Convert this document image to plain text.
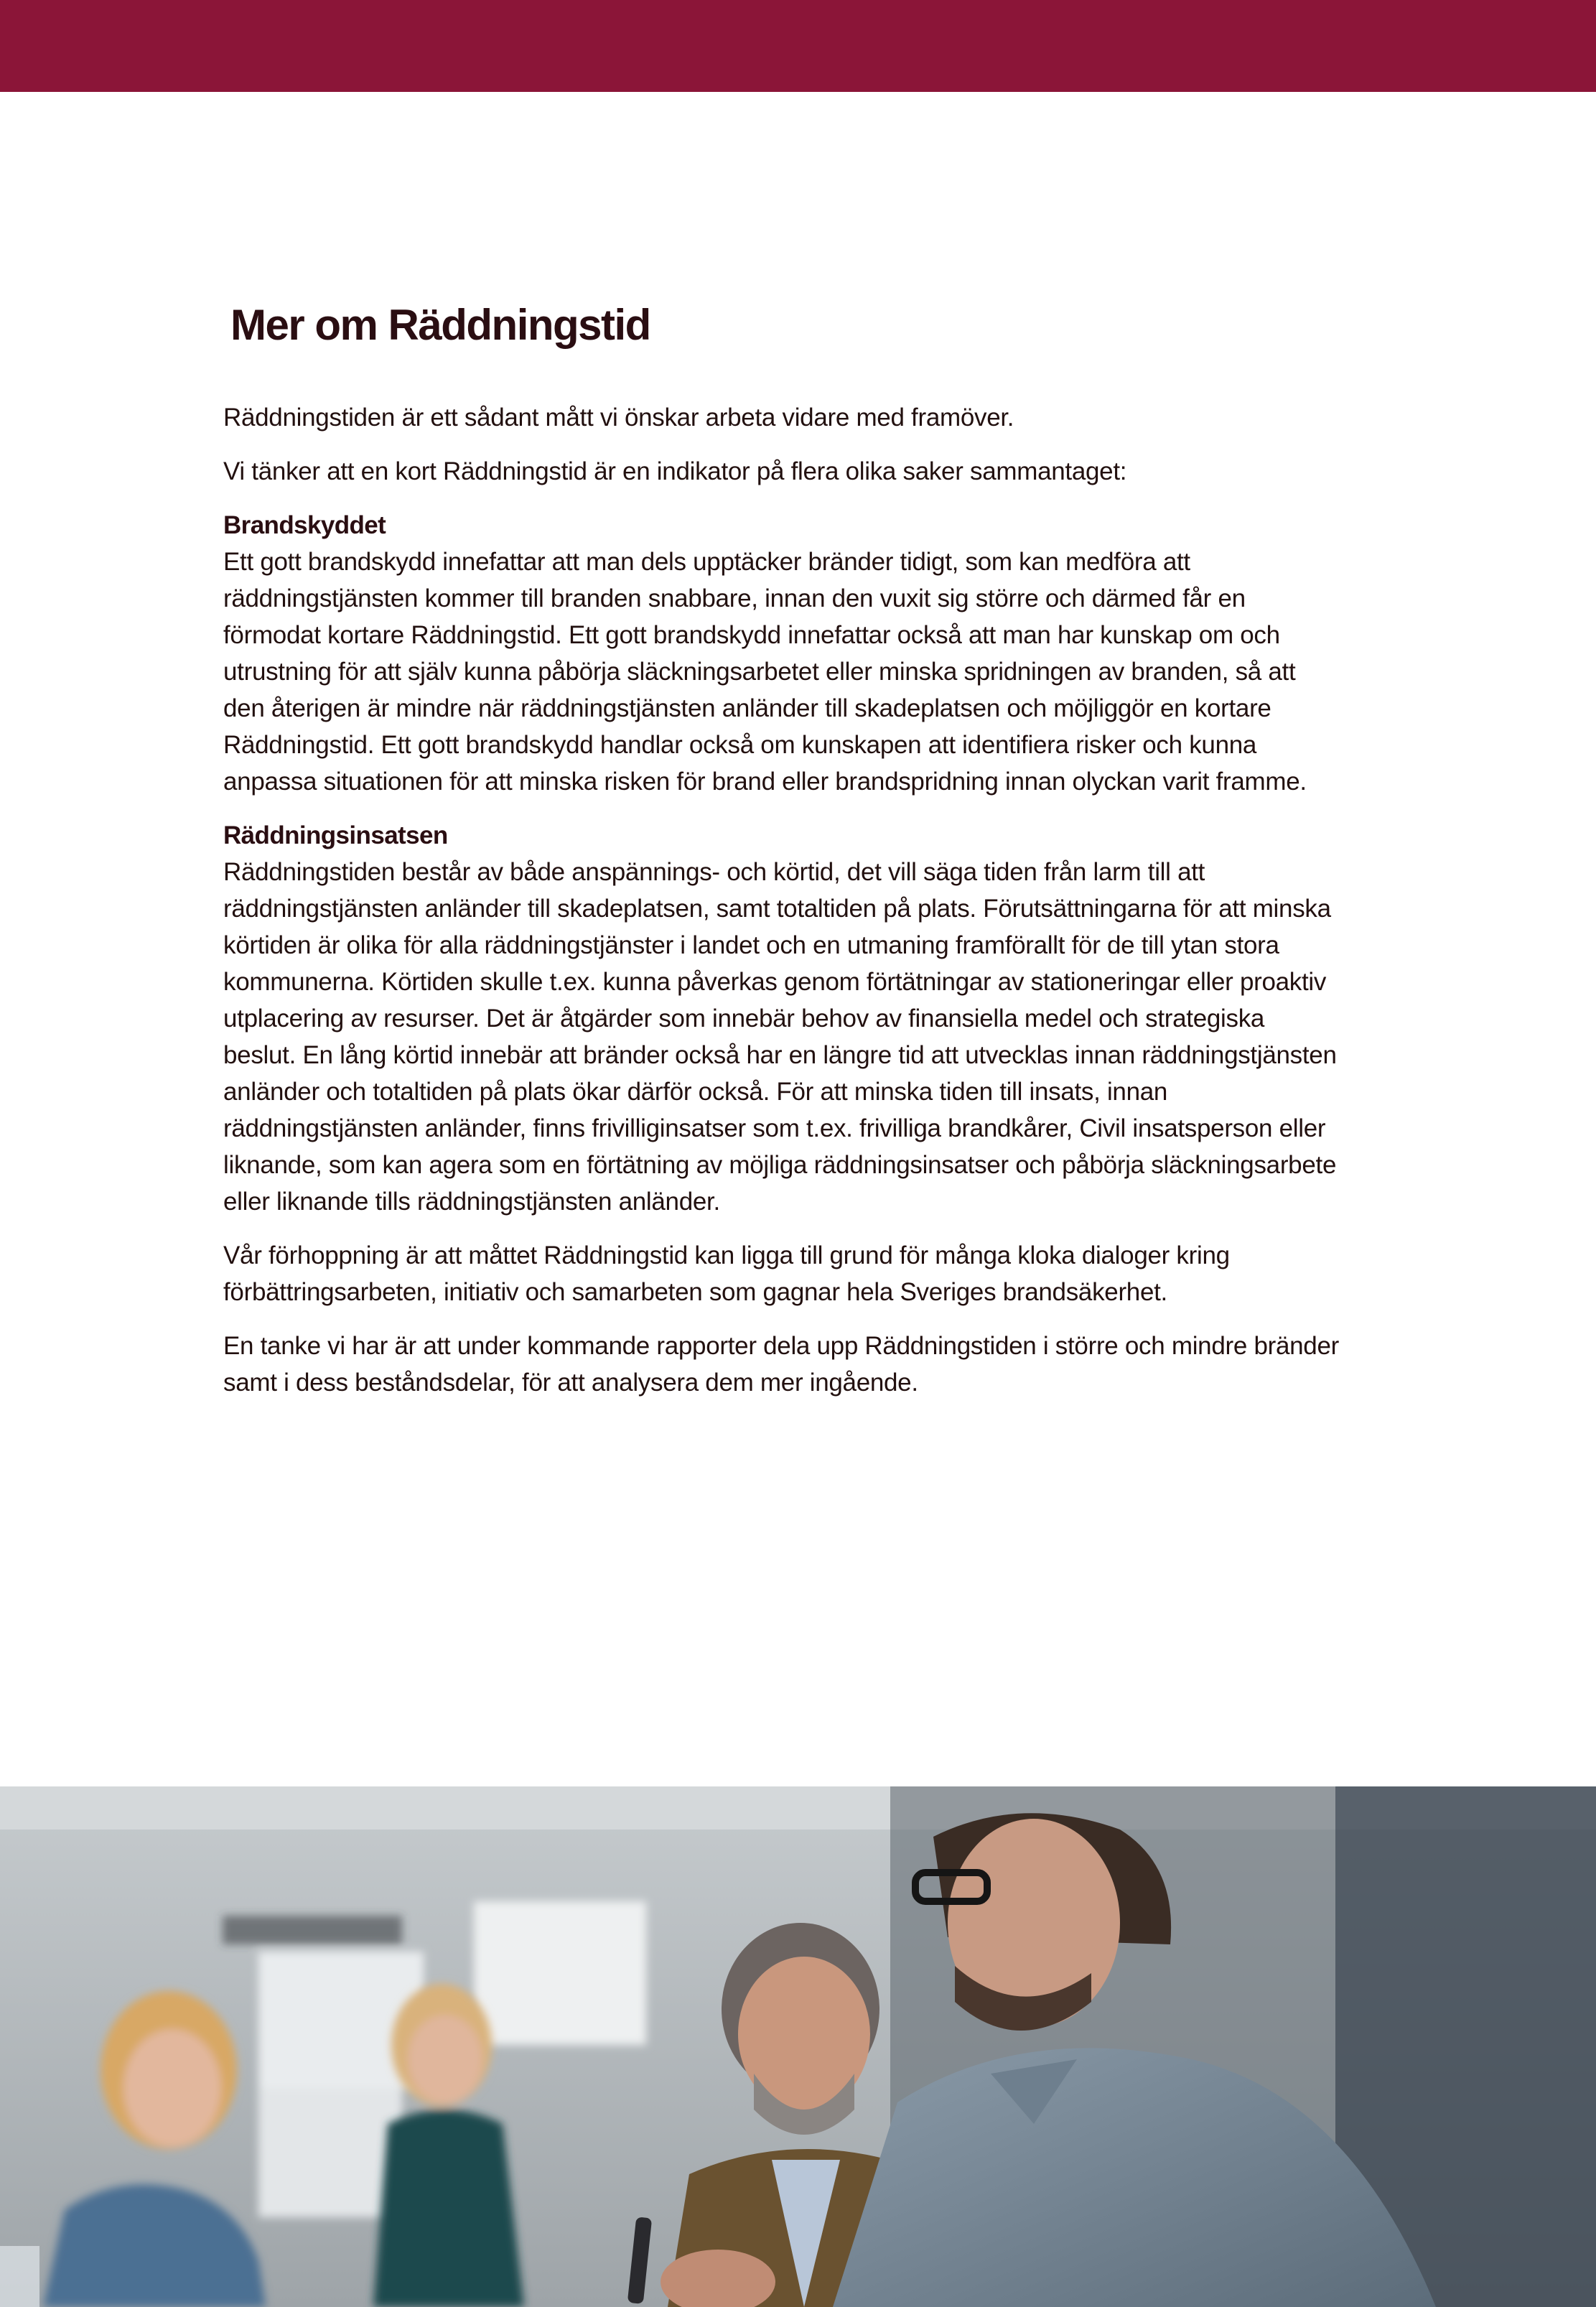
Mer om Räddningstid

Räddningstiden är ett sådant mått vi önskar arbeta vidare med framöver.

Vi tänker att en kort Räddningstid är en indikator på flera olika saker sammantaget:

Brandskyddet
Ett gott brandskydd innefattar att man dels upptäcker bränder tidigt, som kan medföra att räddningstjänsten kommer till branden snabbare, innan den vuxit sig större och därmed får en förmodat kortare Räddningstid. Ett gott brandskydd innefattar också att man har kunskap om och utrustning för att själv kunna påbörja släckningsarbetet eller minska spridningen av branden, så att den återigen är mindre när räddningstjänsten anländer till skadeplatsen och möjliggör en kortare Räddningstid. Ett gott brandskydd handlar också om kunskapen att identifiera risker och kunna anpassa situationen för att minska risken för brand eller brandspridning innan olyckan varit framme.

Räddningsinsatsen
Räddningstiden består av både anspännings- och körtid, det vill säga tiden från larm till att räddningstjänsten anländer till skadeplatsen, samt totaltiden på plats. Förutsättningarna för att minska körtiden är olika för alla räddningstjänster i landet och en utmaning framförallt för de till ytan stora kommunerna. Körtiden skulle t.ex. kunna påverkas genom förtätningar av stationeringar eller proaktiv utplacering av resurser. Det är åtgärder som innebär behov av finansiella medel och strategiska beslut. En lång körtid innebär att bränder också har en längre tid att utvecklas innan räddningstjänsten anländer och totaltiden på plats ökar därför också. För att minska tiden till insats, innan räddningstjänsten anländer, finns frivilliginsatser som t.ex. frivilliga brandkårer, Civil insatsperson eller liknande, som kan agera som en förtätning av möjliga räddningsinsatser och påbörja släckningsarbete eller liknande tills räddningstjänsten anländer.

Vår förhoppning är att måttet Räddningstid kan ligga till grund för många kloka dialoger kring förbättringsarbeten, initiativ och samarbeten som gagnar hela Sveriges brandsäkerhet.

En tanke vi har är att under kommande rapporter dela upp Räddningstiden i större och mindre bränder samt i dess beståndsdelar, för att analysera dem mer ingående.
